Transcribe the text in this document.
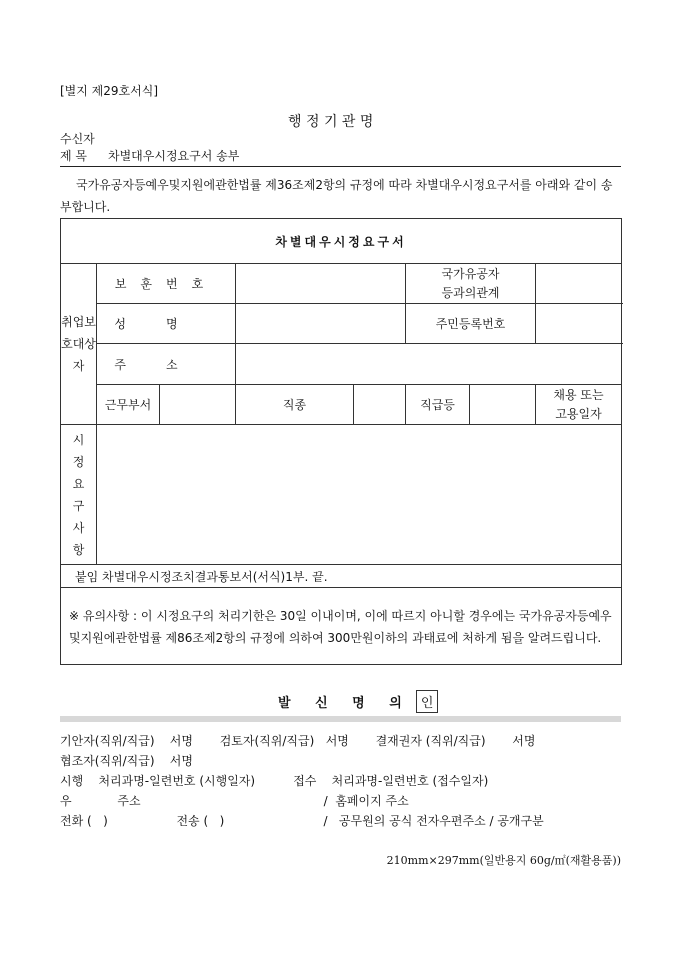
[별지 제29호서식]
행 정 기 관 명
수신자
제 목 차별대우시정요구서 송부
국가유공자등예우및지원에관한법률 제36조제2항의 규정에 따라 차별대우시정요구서를 아래와 같이 송부합니다.
차별대우시정요구서								
취업보호대상자	보훈번호				국가유공자
등과의관계			

	성명				주민등록번호			
	주소							
	근무부서		직종		직급등		채용 또는
고용일자	

시정요구사항								
붙임 차별대우시정조치결과통보서(서식)1부. 끝.								
※ 유의사항 : 이 시정요구의 처리기한은 30일 이내이며, 이에 따르지 아니할 경우에는 국가유공자등예우및지원에관한법률 제86조제2항의 규정에 의하여 300만원이하의 과태료에 처하게 됨을 알려드립니다.								
발 신 명 의 인
기안자(직위/직급)    서명       검토자(직위/직급)   서명       결재권자 (직위/직급)       서명
협조자(직위/직급)    서명
시행    처리과명-일련번호 (시행일자)          접수    처리과명-일련번호 (접수일자)
우            주소                                                /  홈페이지 주소
전화 (   )                  전송 (   )                          /   공무원의 공식 전자우편주소 / 공개구분
210mm×297mm(일반용지 60g/㎡(재활용품))
